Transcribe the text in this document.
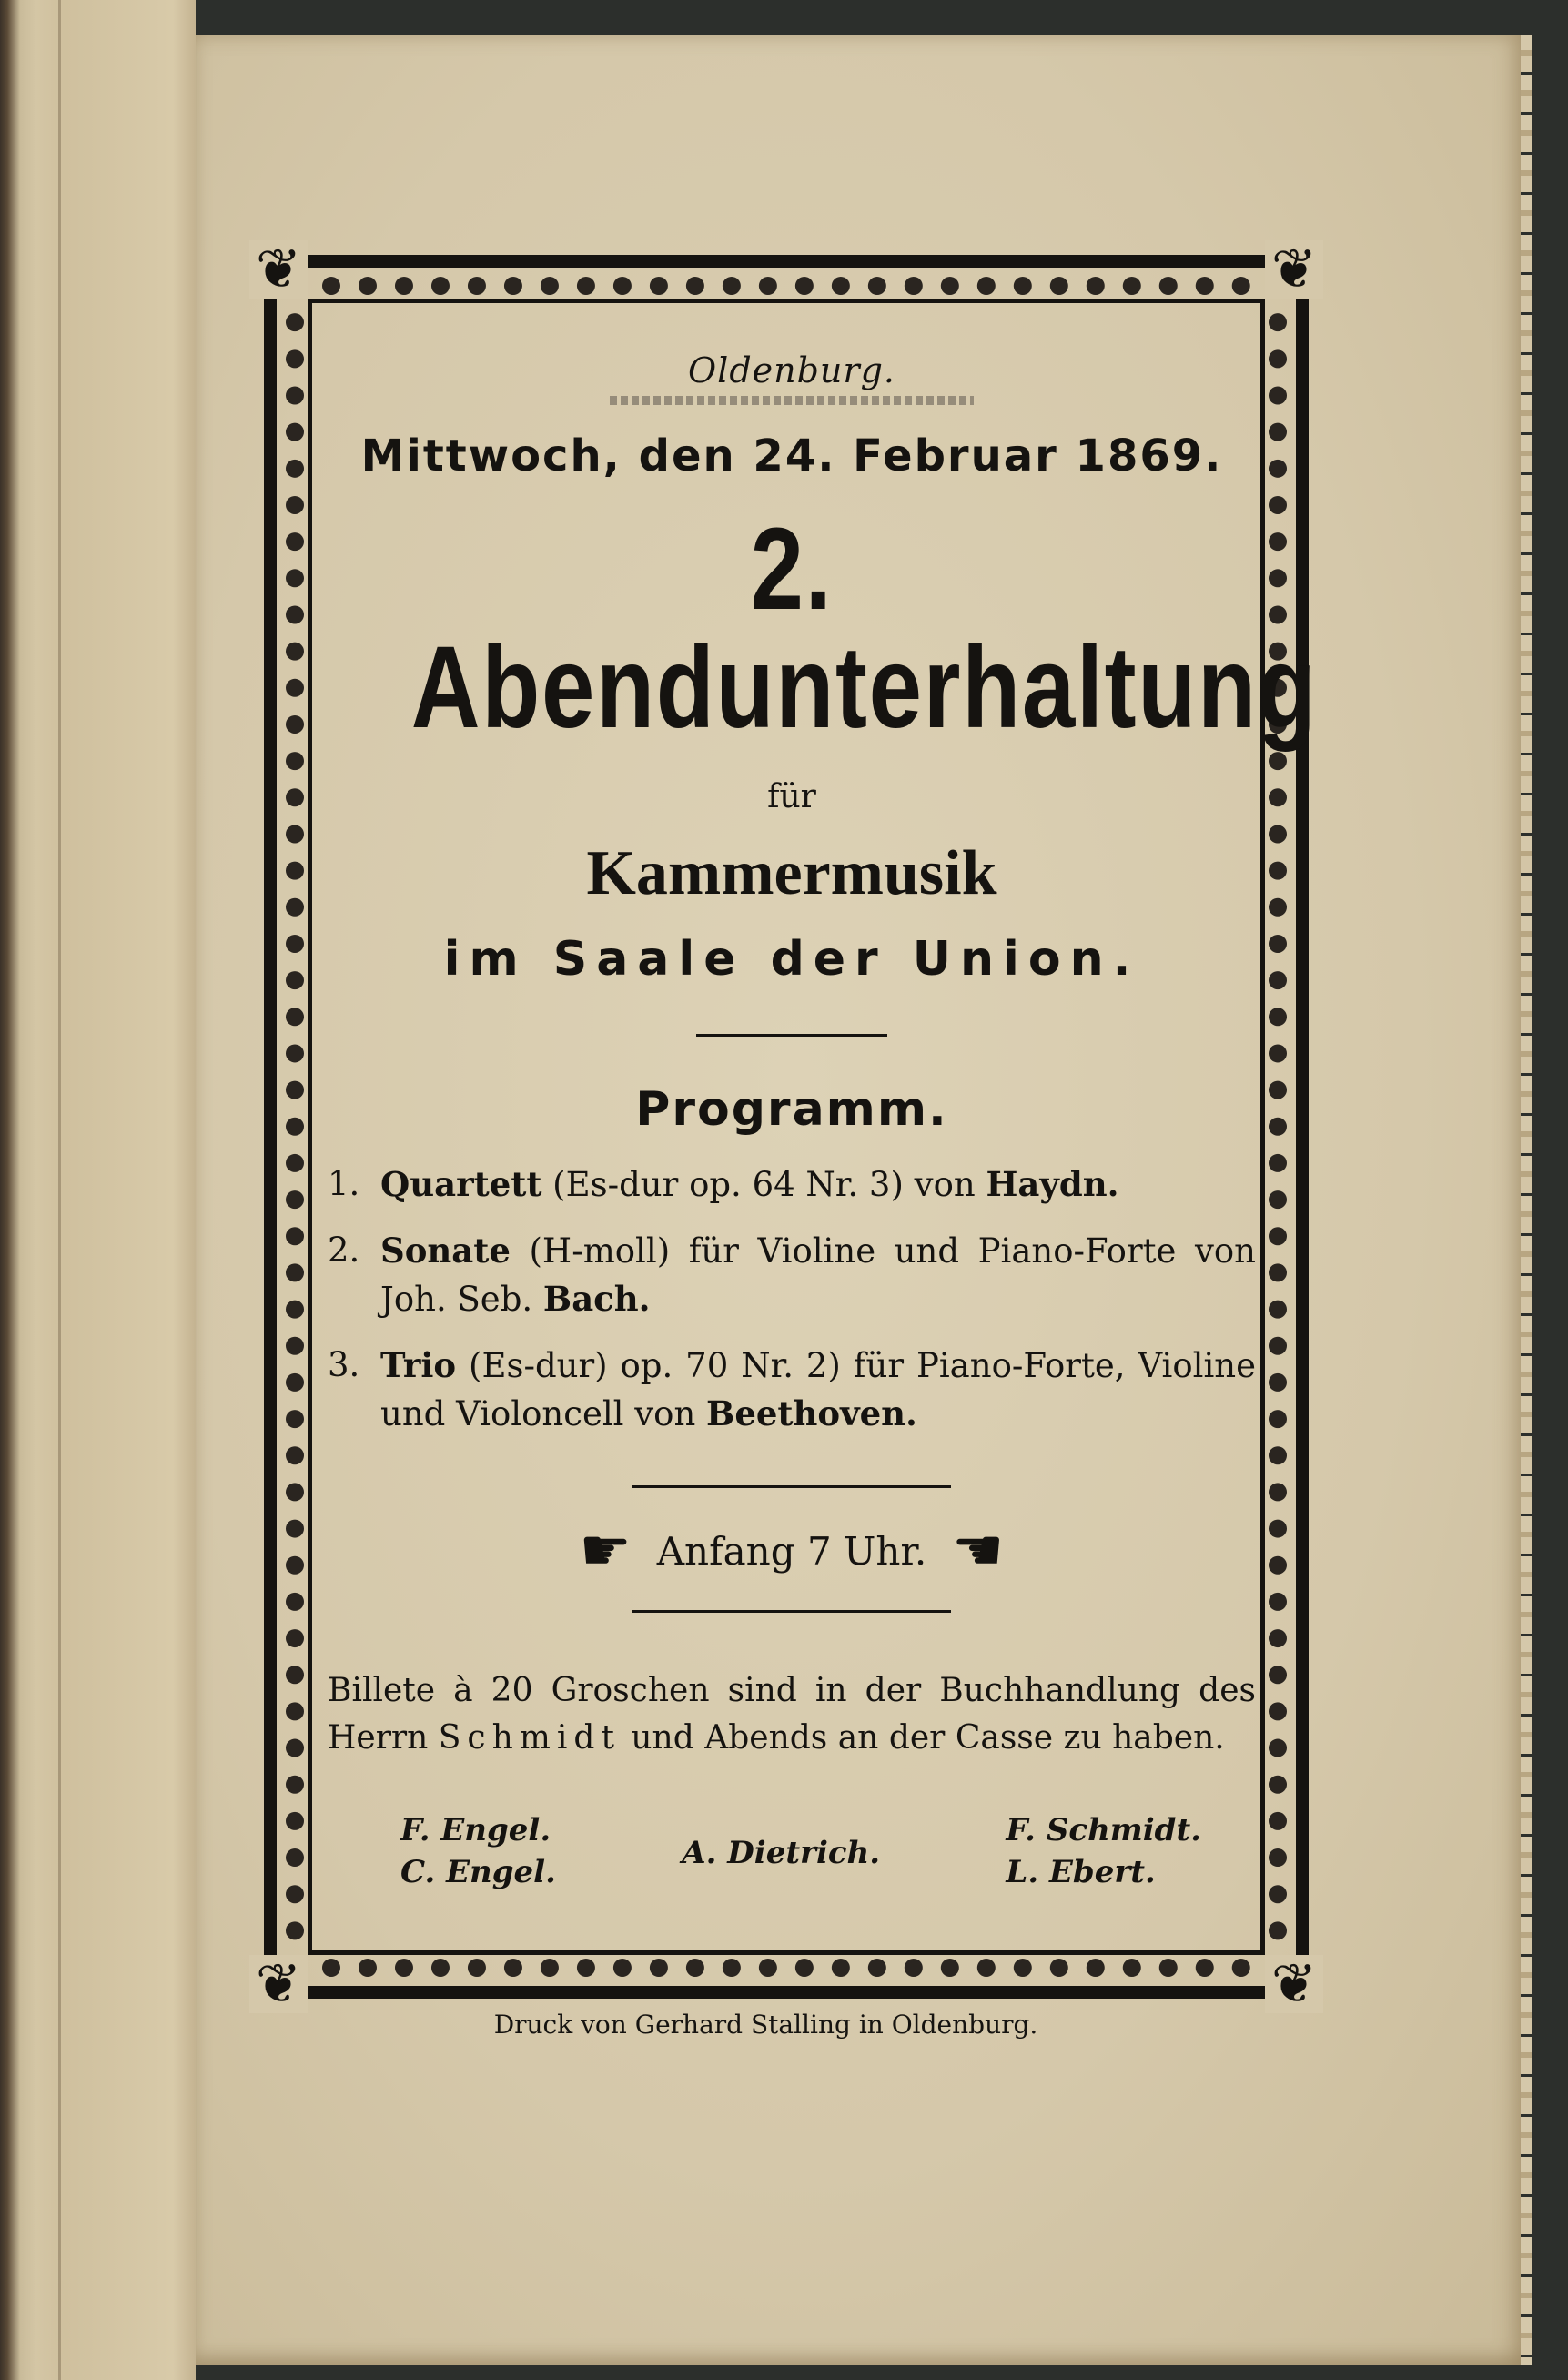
❦	❦
❦	❦

Oldenburg.

Mittwoch, den 24. Februar 1869.

2. Abendunterhaltung

für

Kammermusik

im Saale der Union.

Programm.

1. Quartett (Es-dur op. 64 Nr. 3) von Haydn.
2. Sonate (H-moll) für Violine und Piano-Forte von Joh. Seb. Bach.
3. Trio (Es-dur) op. 70 Nr. 2) für Piano-Forte, Violine und Violoncell von Beethoven.
☛ Anfang 7 Uhr. ☛

Billete à 20 Groschen sind in der Buchhandlung des Herrn Schmidt und Abends an der Casse zu haben.

F. Engel.
C. Engel.
A. Dietrich.
F. Schmidt.
L. Ebert.
Druck von Gerhard Stalling in Oldenburg.
